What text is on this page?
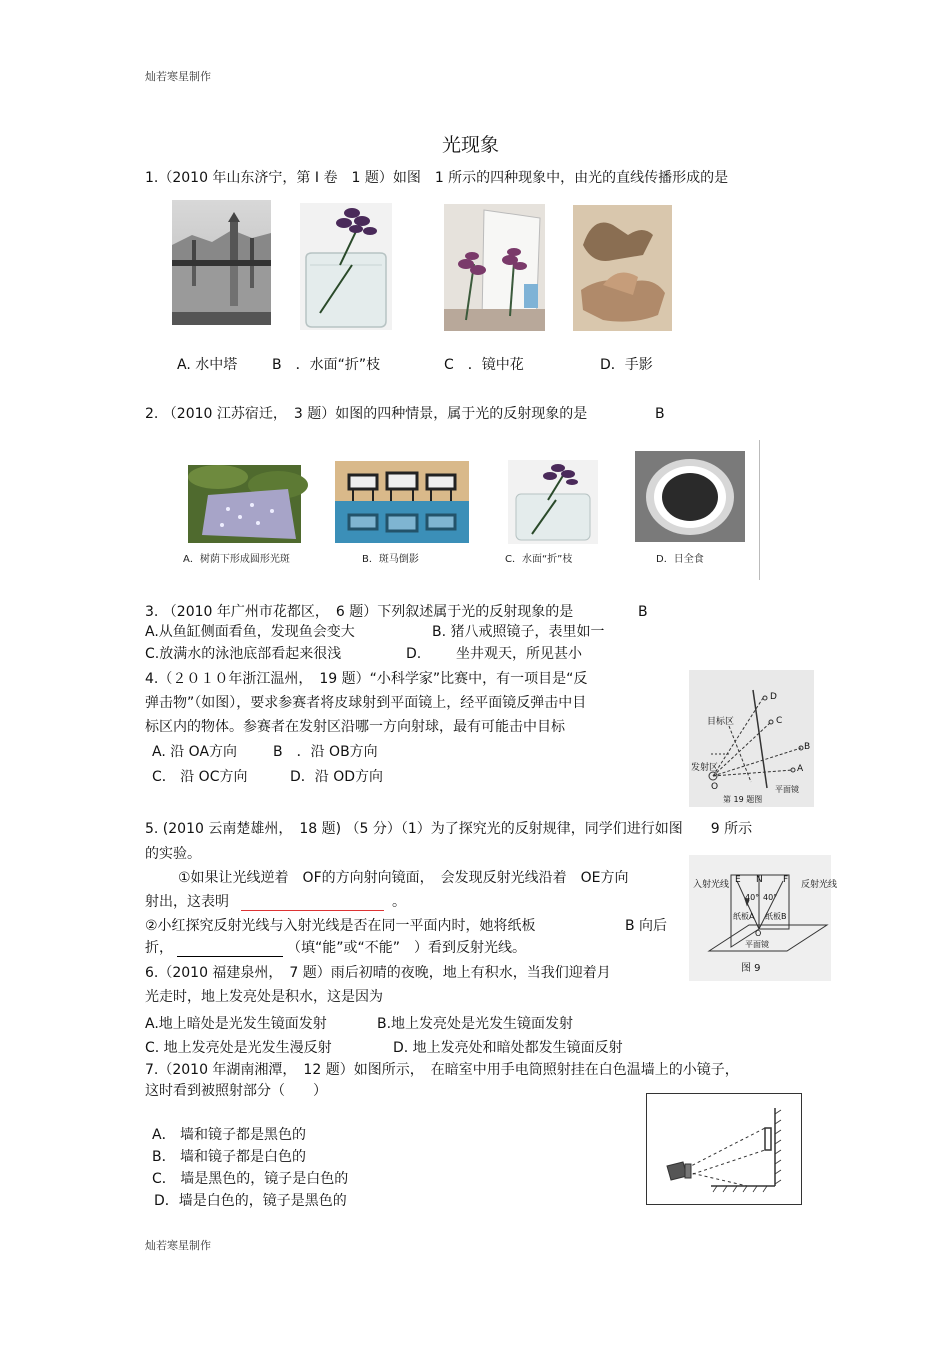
灿若寒星制作
光现象
1.（2010 年山东济宁，第 I 卷　1 题）如图　1 所示的四种现象中，由光的直线传播形成的是
A. 水中塔 B　．水面“折”枝	C　．镜中花	D．手影
2. （2010 江苏宿迁，　3 题）如图的四种情景，属于光的反射现象的是	B
A．树荫下形成圆形光斑	B．斑马倒影	C．水面“折”枝	D．日全食
3. （2010 年广州市花都区，　6 题）下列叙述属于光的反射现象的是	B
A.从鱼缸侧面看鱼，发现鱼会变大	B. 猪八戒照镜子，表里如一
C.放满水的泳池底部看起来很浅	D. 坐井观天，所见甚小
4.（２０１０年浙江温州，　19 题）“小科学家”比赛中，有一项目是“反
弹击物”（如图），要求参赛者将皮球射到平面镜上，经平面镜反弹击中目
标区内的物体。参赛者在发射区沿哪一方向射球，最有可能击中目标
A. 沿 OA方向	B　．沿 OB方向
C． 沿 OC方向	D．沿 OD方向
目标区
发射区
平面镜
O
A
B
C
D
第 19 题图
5. (2010 云南楚雄州，　18 题) （5 分）（1）为了探究光的反射规律，同学们进行如图　　9 所示
的实验。
①如果让光线逆着　OF的方向射向镜面，　会发现反射光线沿着　OE方向
射出，这表明	。
②小红探究反射光线与入射光线是否在同一平面内时，她将纸板	B 向后
折，	（填“能”或“不能”　）看到反射光线。
入射光线	反射光线
E N F
40° 40°
纸板A 纸板B
O
平面镜
图 9
6.（2010 福建泉州，　7 题）雨后初晴的夜晚，地上有积水，当我们迎着月
光走时，地上发亮处是积水，这是因为
A.地上暗处是光发生镜面发射	B.地上发亮处是光发生镜面发射
C. 地上发亮处是光发生漫反射	D. 地上发亮处和暗处都发生镜面反射
7.（2010 年湖南湘潭，　12 题）如图所示，　在暗室中用手电筒照射挂在白色温墙上的小镜子，
这时看到被照射部分（　　）
A． 墙和镜子都是黑色的
B． 墙和镜子都是白色的
C． 墙是黑色的，镜子是白色的
D．墙是白色的，镜子是黑色的
灿若寒星制作
